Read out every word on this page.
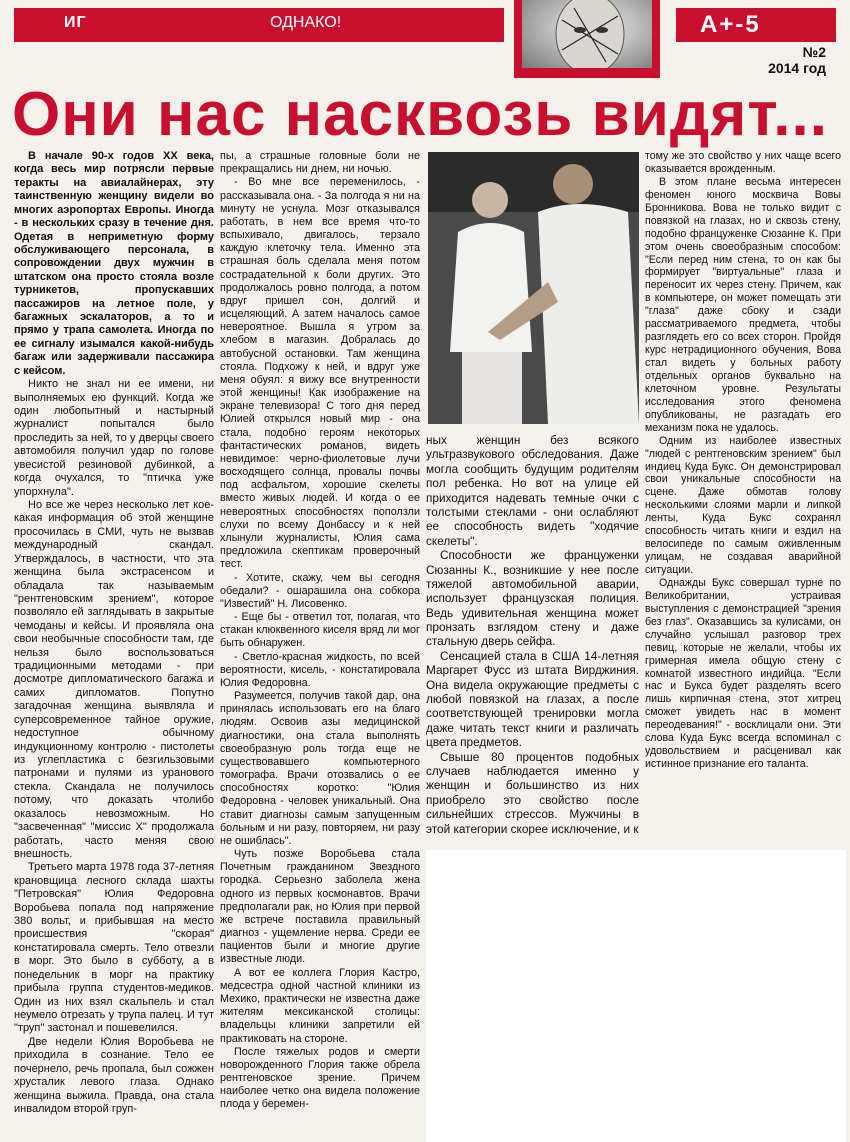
ИГ	ОДНАКО!	А+-5
№2
2014 год
Они нас насквозь видят...

В начале 90-х годов XX века, когда весь мир потрясли первые теракты на авиалайнерах, эту таинственную женщину видели во многих аэропортах Европы. Иногда - в нескольких сразу в течение дня. Одетая в неприметную форму обслуживающего персонала, в сопровождении двух мужчин в штатском она просто стояла возле турникетов, пропускавших пассажиров на летное поле, у багажных эскалаторов, а то и прямо у трапа самолета. Иногда по ее сигналу изымался какой-нибудь багаж или задерживали пассажира с кейсом.

Никто не знал ни ее имени, ни выполняемых ею функций. Когда же один любопытный и настырный журналист попытался было проследить за ней, то у дверцы своего автомобиля получил удар по голове увесистой резиновой дубинкой, а когда очухался, то "птичка уже упорхнула".

Но все же через несколько лет кое-какая информация об этой женщине просочилась в СМИ, чуть не вызвав международный скандал. Утверждалось, в частности, что эта женщина была экстрасенсом и обладала так называемым "рентгеновским зрением", которое позволяло ей заглядывать в закрытые чемоданы и кейсы. И проявляла она свои необычные способности там, где нельзя было воспользоваться традиционными методами - при досмотре дипломатического багажа и самих дипломатов. Попутно загадочная женщина выявляла и суперсовременное тайное оружие, недоступное обычному индукционному контролю - пистолеты из углепластика с безгильзовыми патронами и пулями из уранового стекла. Скандала не получилось потому, что доказать чтолибо оказалось невозможным. Но "засвеченная" "миссис Х" продолжала работать, часто меняя свою внешность.

Третьего марта 1978 года 37-летняя крановщица лесного склада шахты "Петровская" Юлия Федоровна Воробьева попала под напряжение 380 вольт, и прибывшая на место происшествия "скорая" констатировала смерть. Тело отвезли в морг. Это было в субботу, а в понедельник в морг на практику прибыла группа студентов-медиков. Один из них взял скальпель и стал неумело отрезать у трупа палец. И тут "труп" застонал и пошевелился.

Две недели Юлия Воробьева не приходила в сознание. Тело ее почернело, речь пропала, был сожжен хрусталик левого глаза. Однако женщина выжила. Правда, она стала инвалидом второй груп-

пы, а страшные головные боли не прекращались ни днем, ни ночью.

- Во мне все переменилось, - рассказывала она. - За полгода я ни на минуту не уснула. Мозг отказывался работать, в нем все время что-то вспыхивало, двигалось, терзало каждую клеточку тела. Именно эта страшная боль сделала меня потом сострадательной к боли других. Это продолжалось ровно полгода, а потом вдруг пришел сон, долгий и исцеляющий. А затем началось самое невероятное. Вышла я утром за хлебом в магазин. Добралась до автобусной остановки. Там женщина стояла. Подхожу к ней, и вдруг уже меня обуял: я вижу все внутренности этой женщины! Как изображение на экране телевизора! С того дня перед Юлией открылся новый мир - она стала, подобно героям некоторых фантастических романов, видеть невидимое: черно-фиолетовые лучи восходящего солнца, провалы почвы под асфальтом, хорошие скелеты вместо живых людей. И когда о ее невероятных способностях поползли слухи по всему Донбассу и к ней хлынули журналисты, Юлия сама предложила скептикам проверочный тест.

- Хотите, скажу, чем вы сегодня обедали? - ошарашила она собкора "Известий" Н. Лисовенко.

- Еще бы - ответил тот, полагая, что стакан клюквенного киселя вряд ли мог быть обнаружен.

- Светло-красная жидкость, по всей вероятности, кисель, - констатировала Юлия Федоровна.

Разумеется, получив такой дар, она принялась использовать его на благо людям. Освоив азы медицинской диагностики, она стала выполнять своеобразную роль тогда еще не существовавшего компьютерного томографа. Врачи отозвались о ее способностях коротко: "Юлия Федоровна - человек уникальный. Она ставит диагнозы самым запущенным больным и ни разу, повторяем, ни разу не ошиблась".

Чуть позже Воробьева стала Почетным гражданином Звездного городка. Серьезно заболела жена одного из первых космонавтов. Врачи предполагали рак, но Юлия при первой же встрече поставила правильный диагноз - ущемление нерва. Среди ее пациентов были и многие другие известные люди.

А вот ее коллега Глория Кастро, медсестра одной частной клиники из Мехико, практически не известна даже жителям мексиканской столицы: владельцы клиники запретили ей практиковать на стороне.

После тяжелых родов и смерти новорожденного Глория также обрела рентгеновское зрение. Причем наиболее четко она видела положение плода у беремен-

ных женщин без всякого ультразвукового обследования. Даже могла сообщить будущим родителям пол ребенка. Но вот на улице ей приходится надевать темные очки с толстыми стеклами - они ослабляют ее способность видеть "ходячие скелеты".

Способности же француженки Сюзанны К., возникшие у нее после тяжелой автомобильной аварии, использует французская полиция. Ведь удивительная женщина может пронзать взглядом стену и даже стальную дверь сейфа.

Сенсацией стала в США 14-летняя Маргарет Фусс из штата Вирджиния. Она видела окружающие предметы с любой повязкой на глазах, а после соответствующей тренировки могла даже читать текст книги и различать цвета предметов.

Свыше 80 процентов подобных случаев наблюдается именно у женщин и большинство из них приобрело это свойство после сильнейших стрессов. Мужчины в этой категории скорее исключение, и к

тому же это свойство у них чаще всего оказывается врожденным.

В этом плане весьма интересен феномен юного москвича Вовы Бронникова. Вова не только видит с повязкой на глазах, но и сквозь стену, подобно француженке Сюзанне К. При этом очень своеобразным способом: "Если перед ним стена, то он как бы формирует "виртуальные" глаза и переносит их через стену. Причем, как в компьютере, он может помещать эти "глаза" даже сбоку и сзади рассматриваемого предмета, чтобы разглядеть его со всех сторон. Пройдя курс нетрадиционного обучения, Вова стал видеть у больных работу отдельных органов буквально на клеточном уровне. Результаты исследования этого феномена опубликованы, не разгадать его механизм пока не удалось.

Одним из наиболее известных "людей с рентгеновским зрением" был индиец Куда Букс. Он демонстрировал свои уникальные способности на сцене. Даже обмотав голову несколькими слоями марли и липкой ленты, Куда Букс сохранял способность читать книги и ездил на велосипеде по самым оживленным улицам, не создавая аварийной ситуации.

Однажды Букс совершал турне по Великобритании, устраивая выступления с демонстрацией "зрения без глаз". Оказавшись за кулисами, он случайно услышал разговор трех певиц, которые не желали, чтобы их гримерная имела общую стену с комнатой известного индийца. "Если нас и Букса будет разделять всего лишь кирпичная стена, этот хитрец сможет увидеть нас в момент переодевания!" - восклицали они. Эти слова Куда Букс всегда вспоминал с удовольствием и расценивал как истинное признание его таланта.
